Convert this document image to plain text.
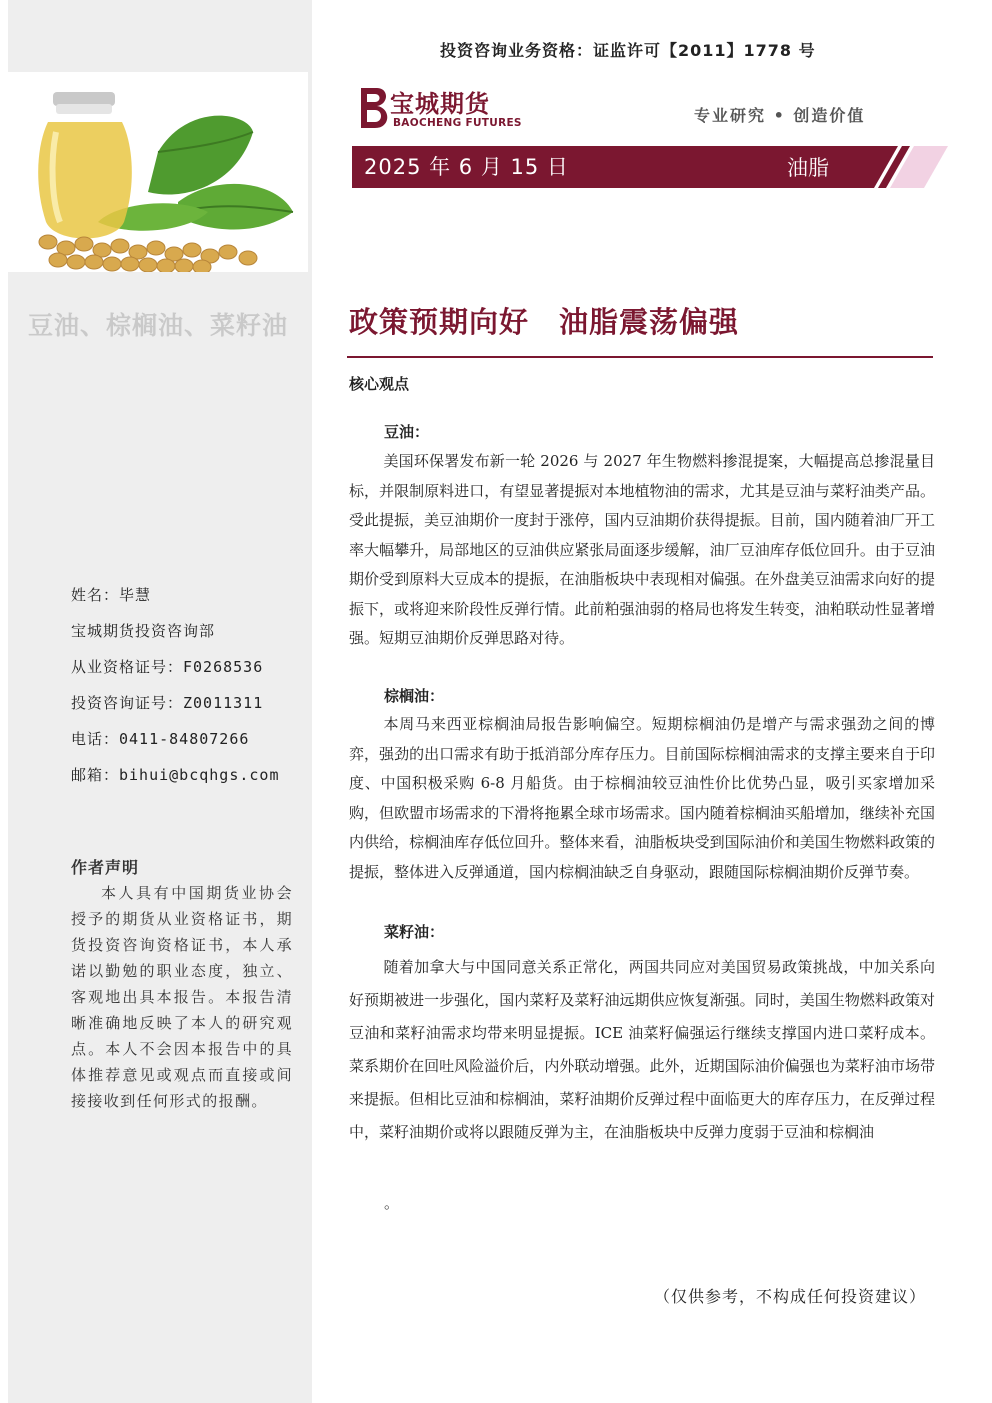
豆油、棕榈油、菜籽油
姓名：毕慧
宝城期货投资咨询部
从业资格证号：F0268536
投资咨询证号：Z0011311
电话：0411-84807266
邮箱：bihui@bcqhgs.com
作者声明
本人具有中国期货业协会授予的期货从业资格证书，期货投资咨询资格证书，本人承诺以勤勉的职业态度，独立、客观地出具本报告。本报告清晰准确地反映了本人的研究观点。本人不会因本报告中的具体推荐意见或观点而直接或间接接收到任何形式的报酬。
投资咨询业务资格：证监许可【2011】1778 号
宝城期货
BAOCHENG FUTURES	专业研究 • 创造价值
2025 年 6 月 15 日	油脂
政策预期向好　油脂震荡偏强
核心观点
豆油：
美国环保署发布新一轮 2026 与 2027 年生物燃料掺混提案，大幅提高总掺混量目标，并限制原料进口，有望显著提振对本地植物油的需求，尤其是豆油与菜籽油类产品。受此提振，美豆油期价一度封于涨停，国内豆油期价获得提振。目前，国内随着油厂开工率大幅攀升，局部地区的豆油供应紧张局面逐步缓解，油厂豆油库存低位回升。由于豆油期价受到原料大豆成本的提振，在油脂板块中表现相对偏强。在外盘美豆油需求向好的提振下，或将迎来阶段性反弹行情。此前粕强油弱的格局也将发生转变，油粕联动性显著增强。短期豆油期价反弹思路对待。
棕榈油：
本周马来西亚棕榈油局报告影响偏空。短期棕榈油仍是增产与需求强劲之间的博弈，强劲的出口需求有助于抵消部分库存压力。目前国际棕榈油需求的支撑主要来自于印度、中国积极采购 6-8 月船货。由于棕榈油较豆油性价比优势凸显，吸引买家增加采购，但欧盟市场需求的下滑将拖累全球市场需求。国内随着棕榈油买船增加，继续补充国内供给，棕榈油库存低位回升。整体来看，油脂板块受到国际油价和美国生物燃料政策的提振，整体进入反弹通道，国内棕榈油缺乏自身驱动，跟随国际棕榈油期价反弹节奏。
菜籽油：
随着加拿大与中国同意关系正常化，两国共同应对美国贸易政策挑战，中加关系向好预期被进一步强化，国内菜籽及菜籽油远期供应恢复渐强。同时，美国生物燃料政策对豆油和菜籽油需求均带来明显提振。ICE 油菜籽偏强运行继续支撑国内进口菜籽成本。菜系期价在回吐风险溢价后，内外联动增强。此外，近期国际油价偏强也为菜籽油市场带来提振。但相比豆油和棕榈油，菜籽油期价反弹过程中面临更大的库存压力，在反弹过程中，菜籽油期价或将以跟随反弹为主，在油脂板块中反弹力度弱于豆油和棕榈油
。
（仅供参考，不构成任何投资建议）
